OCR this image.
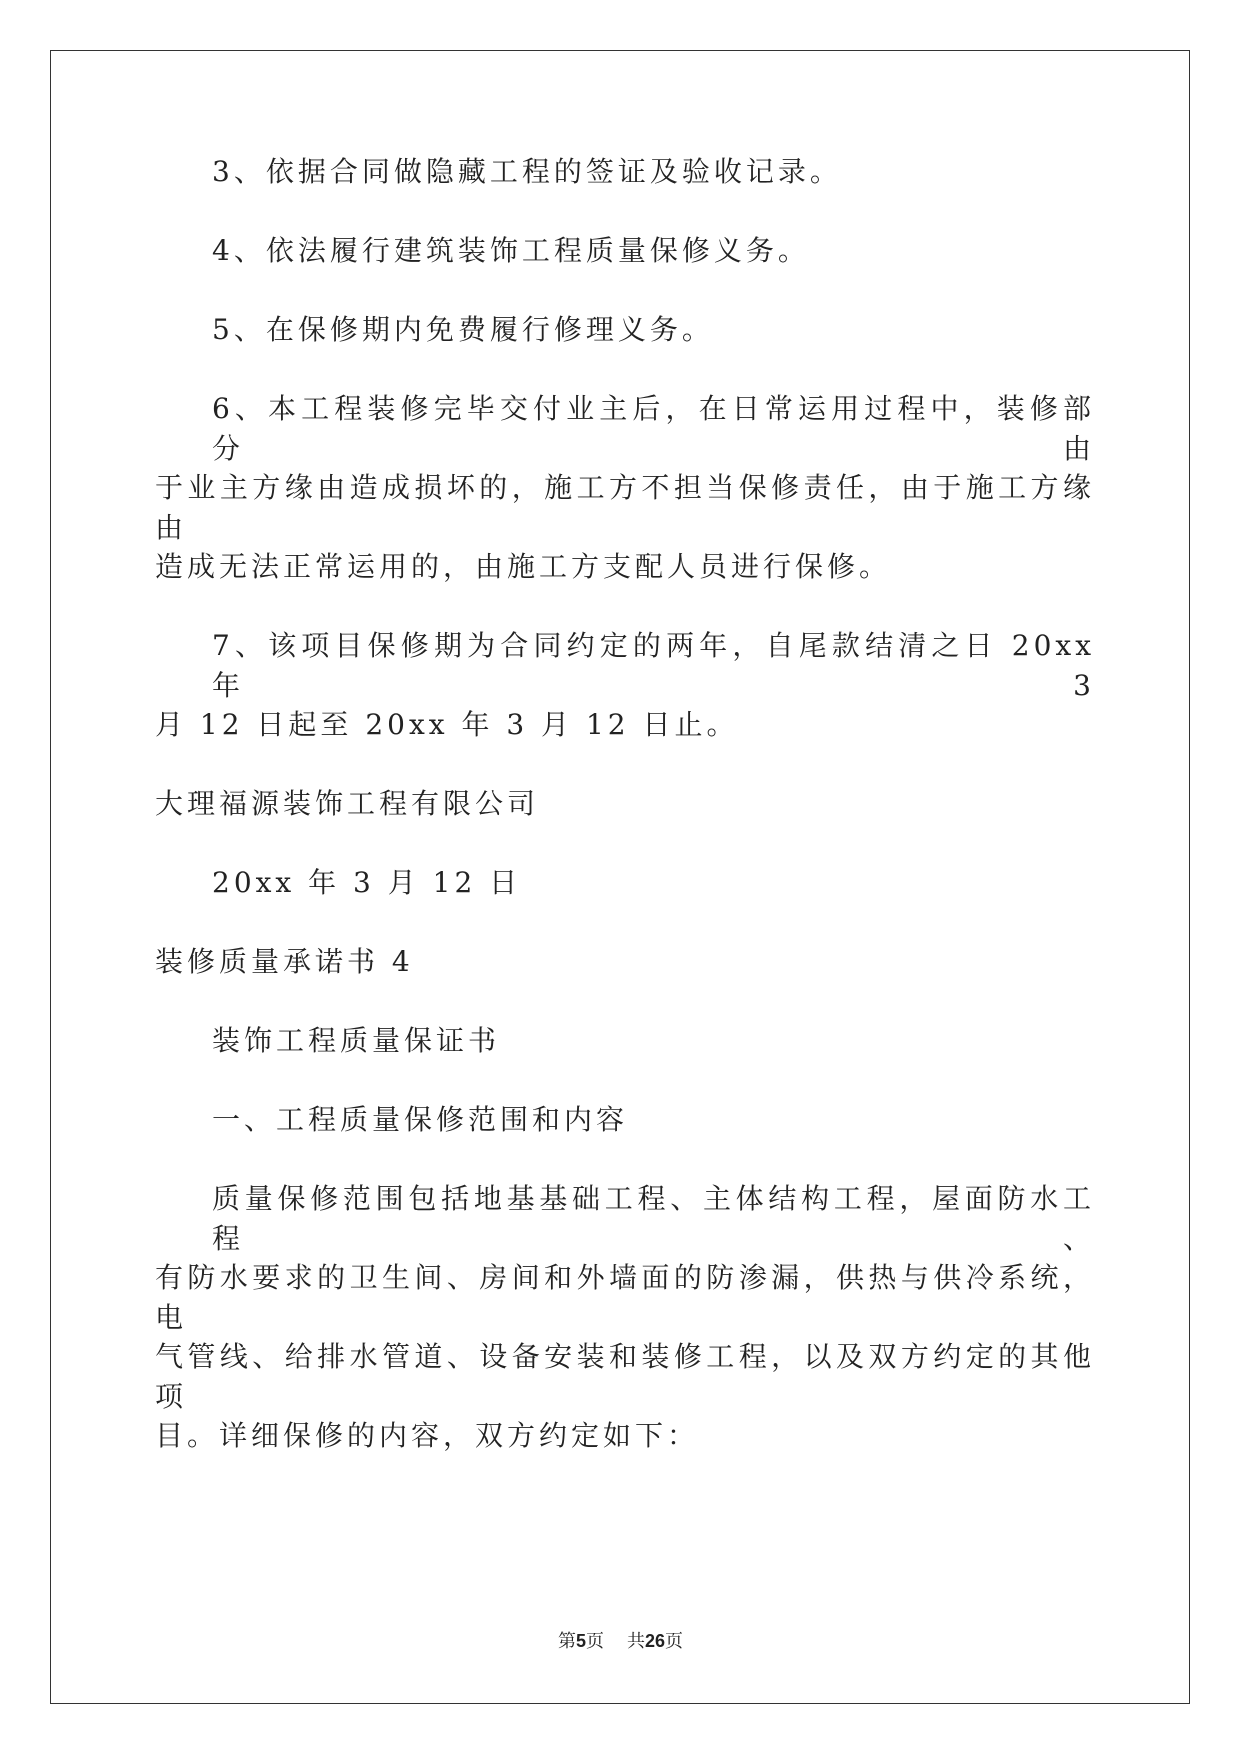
3、依据合同做隐藏工程的签证及验收记录。
4、依法履行建筑装饰工程质量保修义务。
5、在保修期内免费履行修理义务。
6、本工程装修完毕交付业主后，在日常运用过程中，装修部分由
于业主方缘由造成损坏的，施工方不担当保修责任，由于施工方缘由
造成无法正常运用的，由施工方支配人员进行保修。
7、该项目保修期为合同约定的两年，自尾款结清之日 20xx 年 3
月 12 日起至 20xx 年 3 月 12 日止。
大理福源装饰工程有限公司
20xx 年 3 月 12 日
装修质量承诺书 4
装饰工程质量保证书
一、工程质量保修范围和内容
质量保修范围包括地基基础工程、主体结构工程，屋面防水工程、
有防水要求的卫生间、房间和外墙面的防渗漏，供热与供冷系统，电
气管线、给排水管道、设备安装和装修工程，以及双方约定的其他项
目。详细保修的内容，双方约定如下：
第5页 共26页
